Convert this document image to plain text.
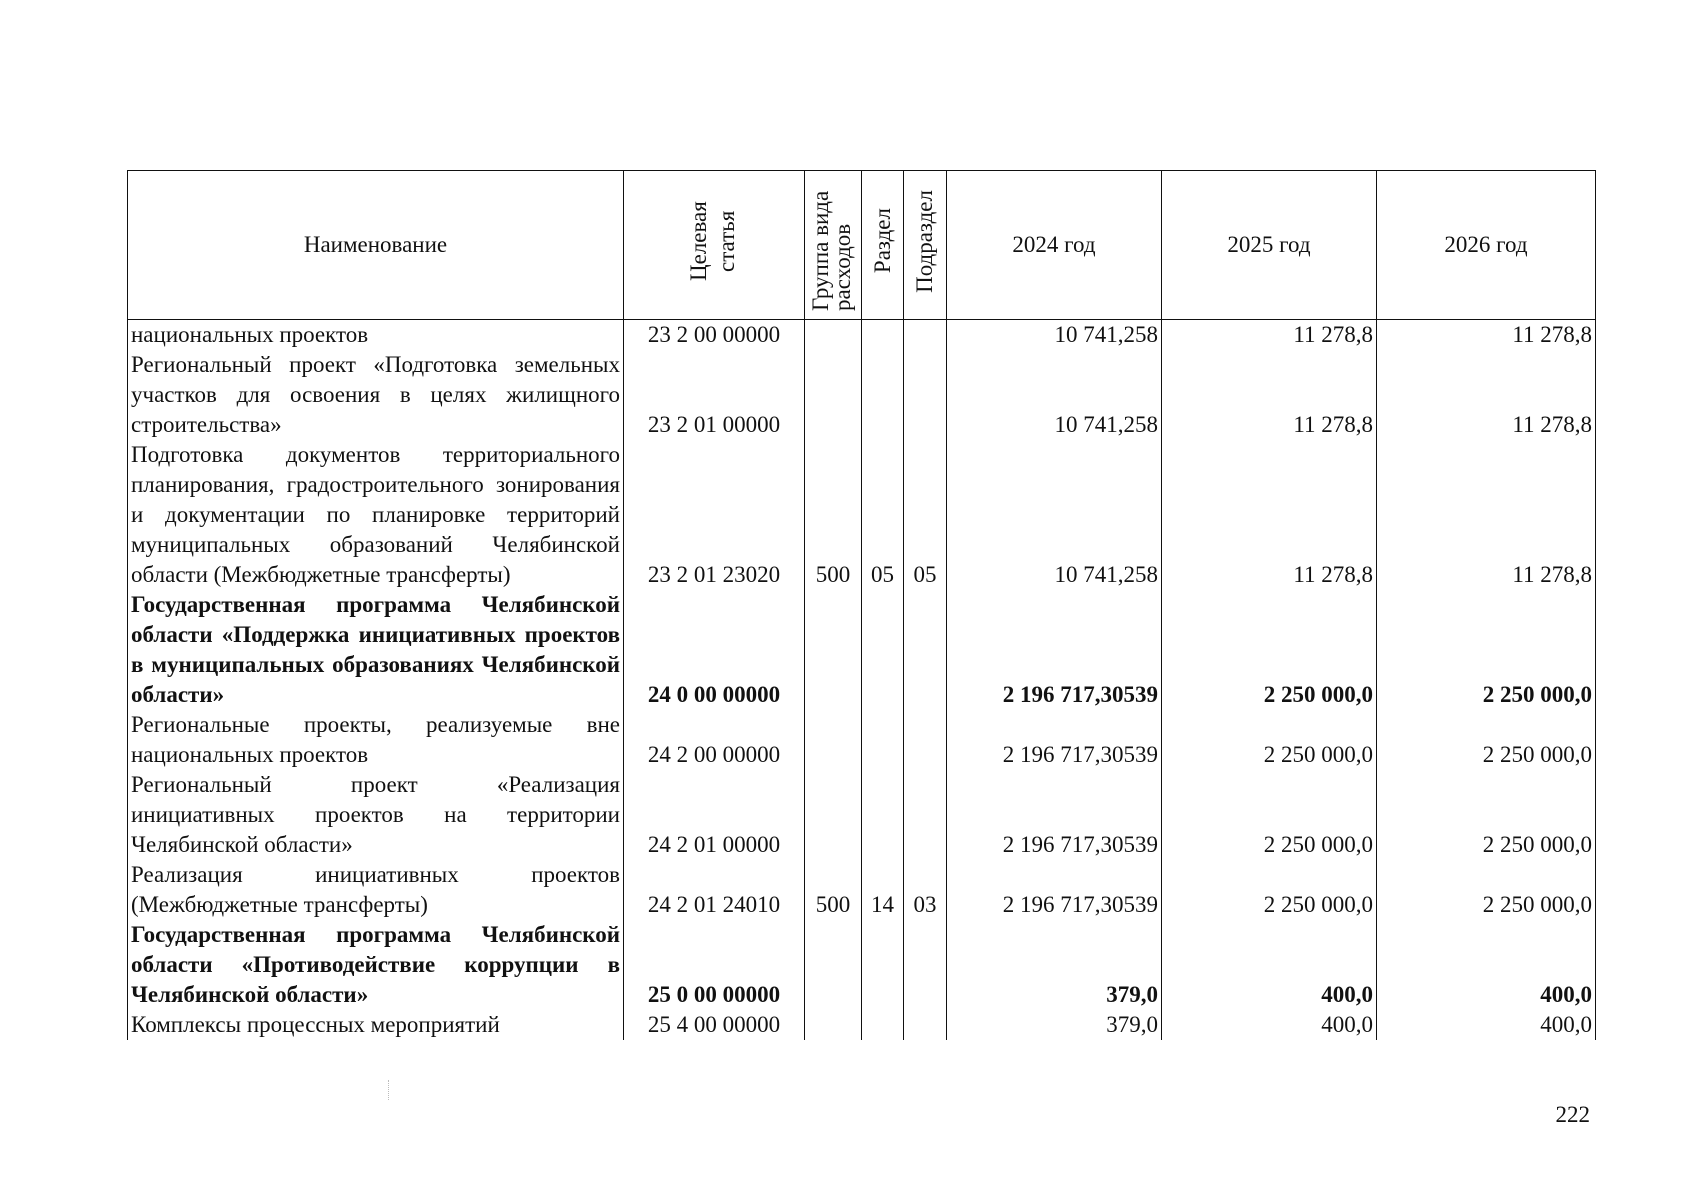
Наименование	Целевая статья	Группа вида расходов	Раздел	Подраздел	2024 год	2025 год	2026 год
национальных проектов	23 2 00 00000				10 741,258	11 278,8	11 278,8
Региональный проект «Подготовка земельных участков для освоения в целях жилищного строительства»	23 2 01 00000				10 741,258	11 278,8	11 278,8
Подготовка документов территориального планирования, градостроительного зонирования и документации по планировке территорий муниципальных образований Челябинской области (Межбюджетные трансферты)	23 2 01 23020	500	05	05	10 741,258	11 278,8	11 278,8
Государственная программа Челябинской области «Поддержка инициативных проектов в муниципальных образованиях Челябинской области»	24 0 00 00000				2 196 717,30539	2 250 000,0	2 250 000,0
Региональные проекты, реализуемые вне национальных проектов	24 2 00 00000				2 196 717,30539	2 250 000,0	2 250 000,0
Региональный проект «Реализация инициативных проектов на территории Челябинской области»	24 2 01 00000				2 196 717,30539	2 250 000,0	2 250 000,0
Реализация инициативных проектов (Межбюджетные трансферты)	24 2 01 24010	500	14	03	2 196 717,30539	2 250 000,0	2 250 000,0
Государственная программа Челябинской области «Противодействие коррупции в Челябинской области»	25 0 00 00000				379,0	400,0	400,0
Комплексы процессных мероприятий	25 4 00 00000				379,0	400,0	400,0
222
